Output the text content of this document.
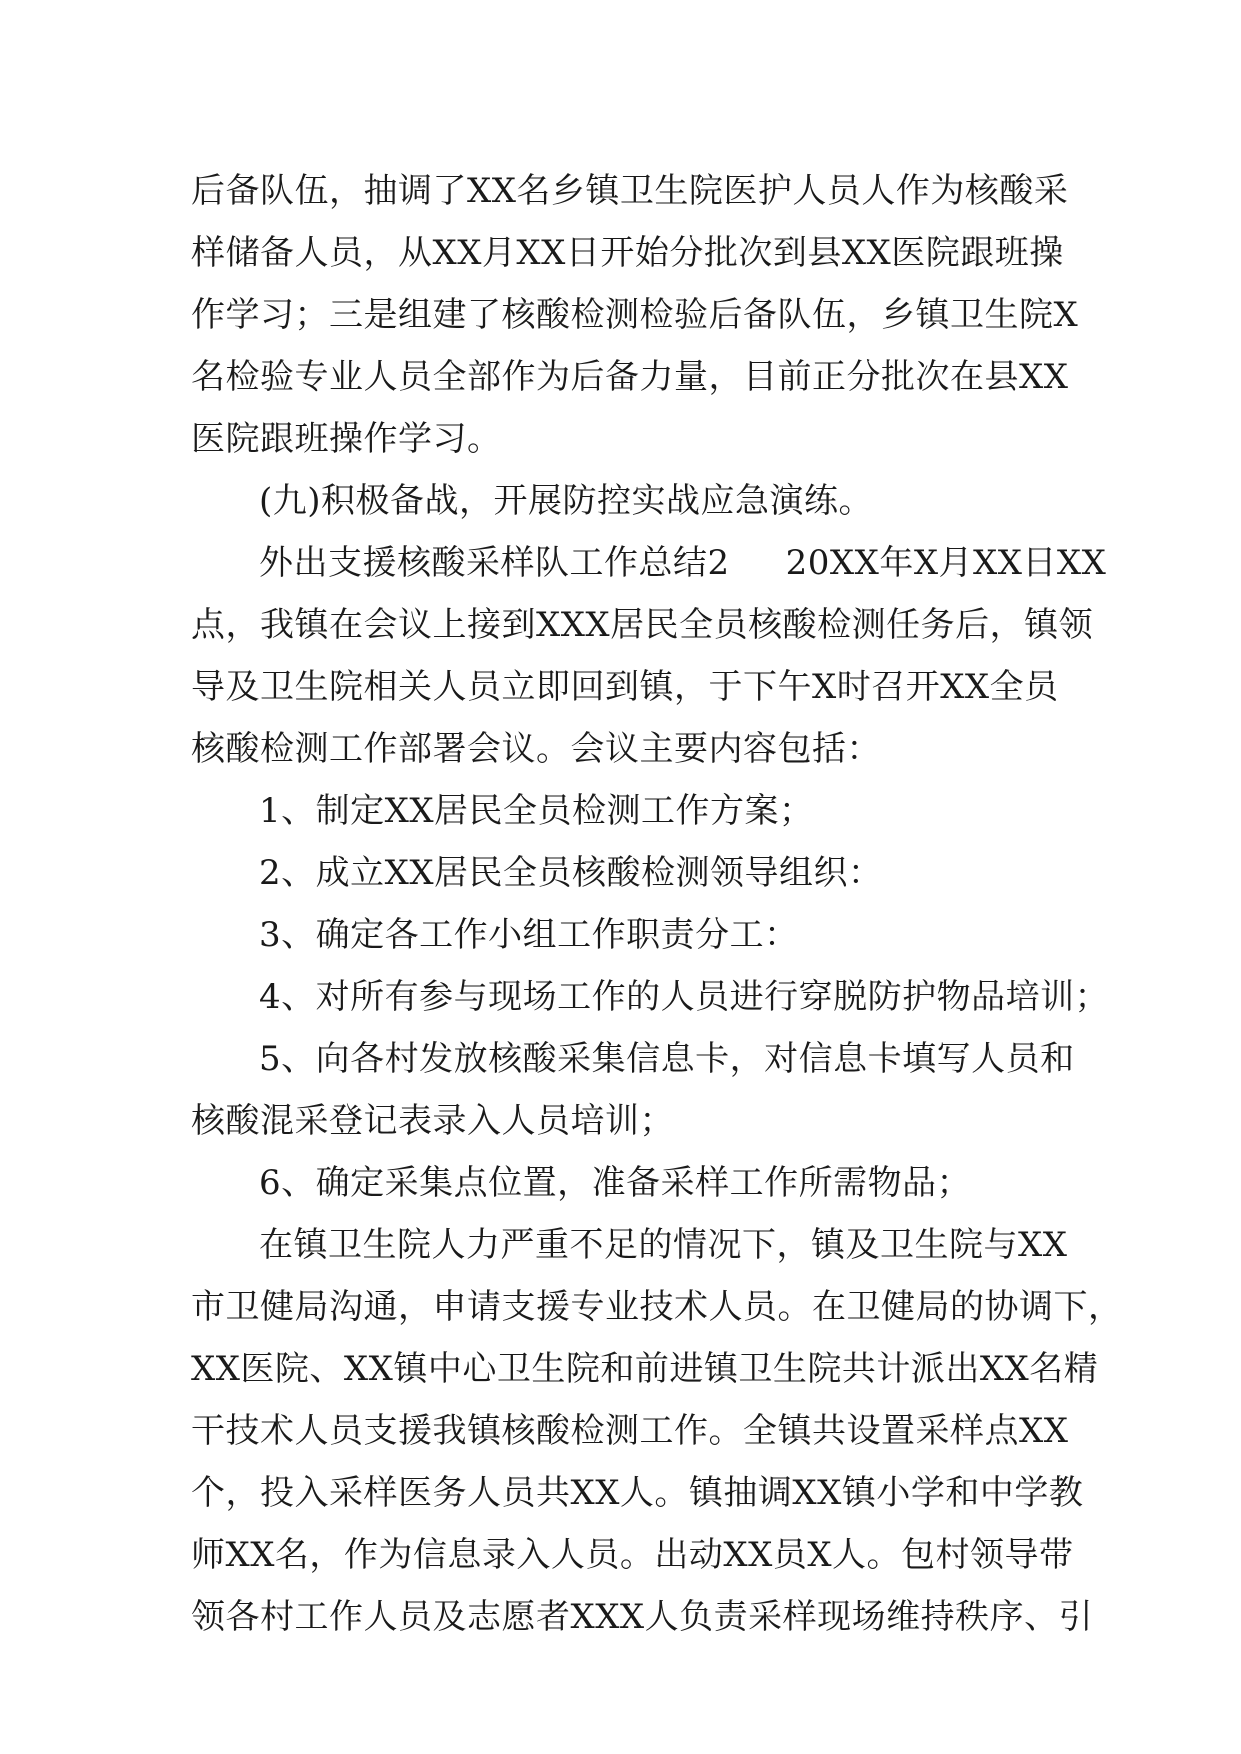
后备队伍，抽调了XX名乡镇卫生院医护人员人作为核酸采
样储备人员，从XX月XX日开始分批次到县XX医院跟班操
作学习；三是组建了核酸检测检验后备队伍，乡镇卫生院X
名检验专业人员全部作为后备力量，目前正分批次在县XX
医院跟班操作学习。
(九)积极备战，开展防控实战应急演练。
外出支援核酸采样队工作总结2 20XX年X月XX日XX
点，我镇在会议上接到XXX居民全员核酸检测任务后，镇领
导及卫生院相关人员立即回到镇，于下午X时召开XX全员
核酸检测工作部署会议。会议主要内容包括：
1、制定XX居民全员检测工作方案；
2、成立XX居民全员核酸检测领导组织：
3、确定各工作小组工作职责分工：
4、对所有参与现场工作的人员进行穿脱防护物品培训；
5、向各村发放核酸采集信息卡，对信息卡填写人员和
核酸混采登记表录入人员培训；
6、确定采集点位置，准备采样工作所需物品；
在镇卫生院人力严重不足的情况下，镇及卫生院与XX
市卫健局沟通，申请支援专业技术人员。在卫健局的协调下，
XX医院、XX镇中心卫生院和前进镇卫生院共计派出XX名精
干技术人员支援我镇核酸检测工作。全镇共设置采样点XX
个，投入采样医务人员共XX人。镇抽调XX镇小学和中学教
师XX名，作为信息录入人员。出动XX员X人。包村领导带
领各村工作人员及志愿者XXX人负责采样现场维持秩序、引
